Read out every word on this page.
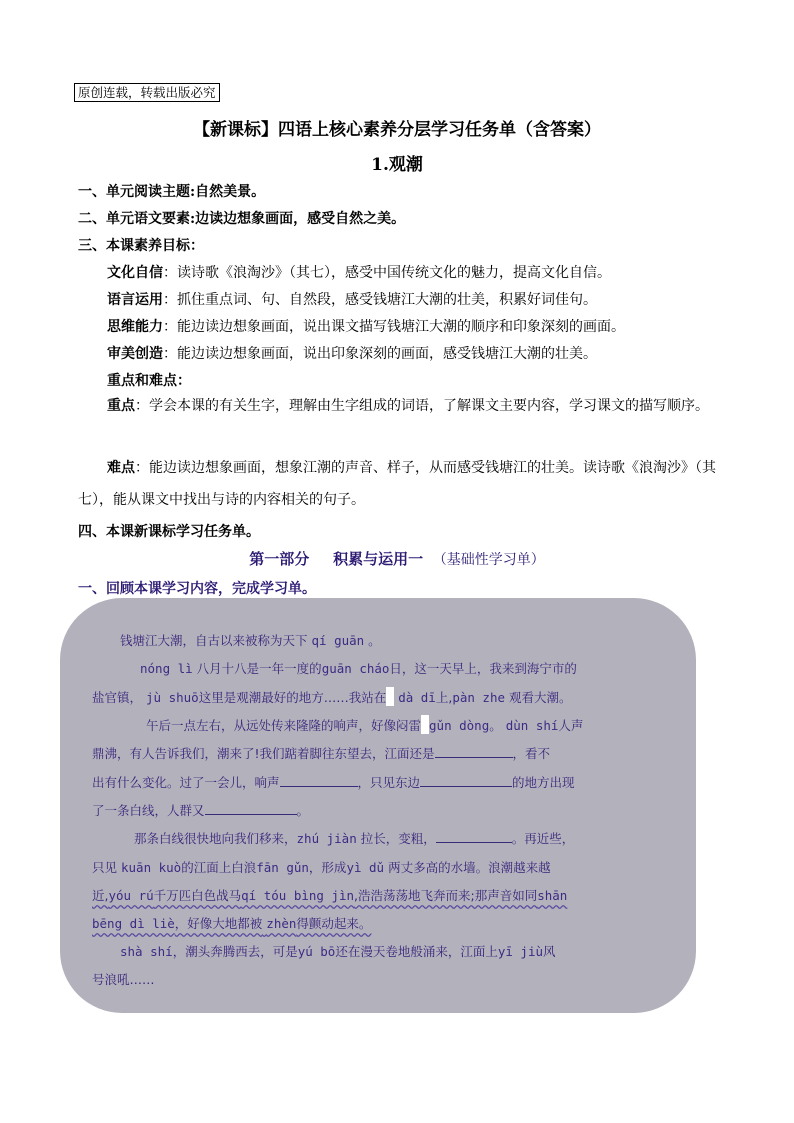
原创连载，转载出版必究
【新课标】四语上核心素养分层学习任务单（含答案）
1.观潮
一、单元阅读主题:自然美景。
二、单元语文要素:边读边想象画面，感受自然之美。
三、本课素养目标：
文化自信：读诗歌《浪淘沙》（其七），感受中国传统文化的魅力，提高文化自信。
语言运用：抓住重点词、句、自然段，感受钱塘江大潮的壮美，积累好词佳句。
思维能力：能边读边想象画面，说出课文描写钱塘江大潮的顺序和印象深刻的画面。
审美创造：能边读边想象画面，说出印象深刻的画面，感受钱塘江大潮的壮美。
重点和难点：
重点：学会本课的有关生字，理解由生字组成的词语，了解课文主要内容，学习课文的描写顺序。
难点：能边读边想象画面，想象江潮的声音、样子，从而感受钱塘江的壮美。读诗歌《浪淘沙》（其七），能从课文中找出与诗的内容相关的句子。
四、本课新课标学习任务单。
第一部分 积累与运用一 （基础性学习单）
一、回顾本课学习内容，完成学习单。
钱塘江大潮，自古以来被称为天下 qí guān 。
nóng lì 八月十八是一年一度的guān cháo日，这一天早上，我来到海宁市的
盐官镇， jù shuō这里是观潮最好的地方……我站在 dà dī上,pàn zhe 观看大潮。
午后一点左右，从远处传来隆隆的响声，好像闷雷 gǔn dòng。 dùn shí人声
鼎沸，有人告诉我们，潮来了!我们踮着脚往东望去，江面还是	，看不
出有什么变化。过了一会儿，响声	，只见东边	的地方出现
了一条白线，人群又	。
那条白线很快地向我们移来，zhú jiàn 拉长，变粗，	。再近些，
只见 kuān kuò的江面上白浪fān gǔn，形成yì dǔ 两丈多高的水墙。浪潮越来越
近,yóu rú千万匹白色战马qí tóu bìng jìn,浩浩荡荡地飞奔而来;那声音如同shān
bēng dì liè，好像大地都被 zhèn得颤动起来。
shà shí，潮头奔腾西去，可是yú bō还在漫天卷地般涌来，江面上yī jiù风
号浪吼……
